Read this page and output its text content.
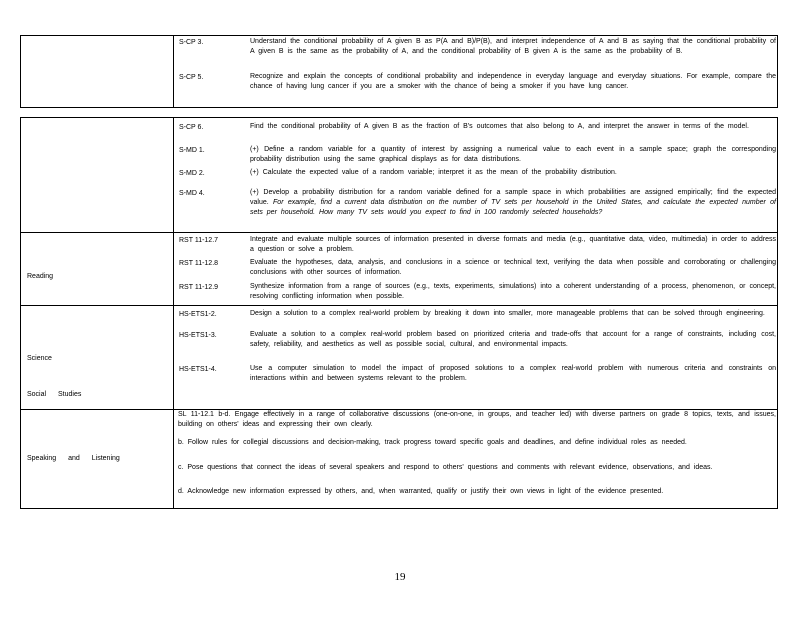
S-CP 3.	Understand the conditional probability of A given B as P(A and B)/P(B), and interpret independence of A and B as saying that the conditional probability of A given B is the same as the probability of A, and the conditional probability of B given A is the same as the probability of B.
S-CP 5.	Recognize and explain the concepts of conditional probability and independence in everyday language and everyday situations. For example, compare the chance of having lung cancer if you are a smoker with the chance of being a smoker if you have lung cancer.
S-CP 6.	Find the conditional probability of A given B as the fraction of B's outcomes that also belong to A, and interpret the answer in terms of the model.
S-MD 1.	(+) Define a random variable for a quantity of interest by assigning a numerical value to each event in a sample space; graph the corresponding probability distribution using the same graphical displays as for data distributions.
S-MD 2.	(+) Calculate the expected value of a random variable; interpret it as the mean of the probability distribution.
S-MD 4.	(+) Develop a probability distribution for a random variable defined for a sample space in which probabilities are assigned empirically; find the expected value. For example, find a current data distribution on the number of TV sets per household in the United States, and calculate the expected number of sets per household. How many TV sets would you expect to find in 100 randomly selected households?
Reading
RST 11-12.7	Integrate and evaluate multiple sources of information presented in diverse formats and media (e.g., quantitative data, video, multimedia) in order to address a question or solve a problem.
RST 11-12.8	Evaluate the hypotheses, data, analysis, and conclusions in a science or technical text, verifying the data when possible and corroborating or challenging conclusions with other sources of information.
RST 11-12.9	Synthesize information from a range of sources (e.g., texts, experiments, simulations) into a coherent understanding of a process, phenomenon, or concept, resolving conflicting information when possible.
Science
Social Studies
HS-ETS1-2.	Design a solution to a complex real-world problem by breaking it down into smaller, more manageable problems that can be solved through engineering.
HS-ETS1-3.	Evaluate a solution to a complex real-world problem based on prioritized criteria and trade-offs that account for a range of constraints, including cost, safety, reliability, and aesthetics as well as possible social, cultural, and environmental impacts.
HS-ETS1-4.	Use a computer simulation to model the impact of proposed solutions to a complex real-world problem with numerous criteria and constraints on interactions within and between systems relevant to the problem.
Speaking and Listening
SL 11-12.1 b-d. Engage effectively in a range of collaborative discussions (one-on-one, in groups, and teacher led) with diverse partners on grade 8 topics, texts, and issues, building on others' ideas and expressing their own clearly.
b. Follow rules for collegial discussions and decision-making, track progress toward specific goals and deadlines, and define individual roles as needed.
c. Pose questions that connect the ideas of several speakers and respond to others' questions and comments with relevant evidence, observations, and ideas.
d. Acknowledge new information expressed by others, and, when warranted, qualify or justify their own views in light of the evidence presented.
19
